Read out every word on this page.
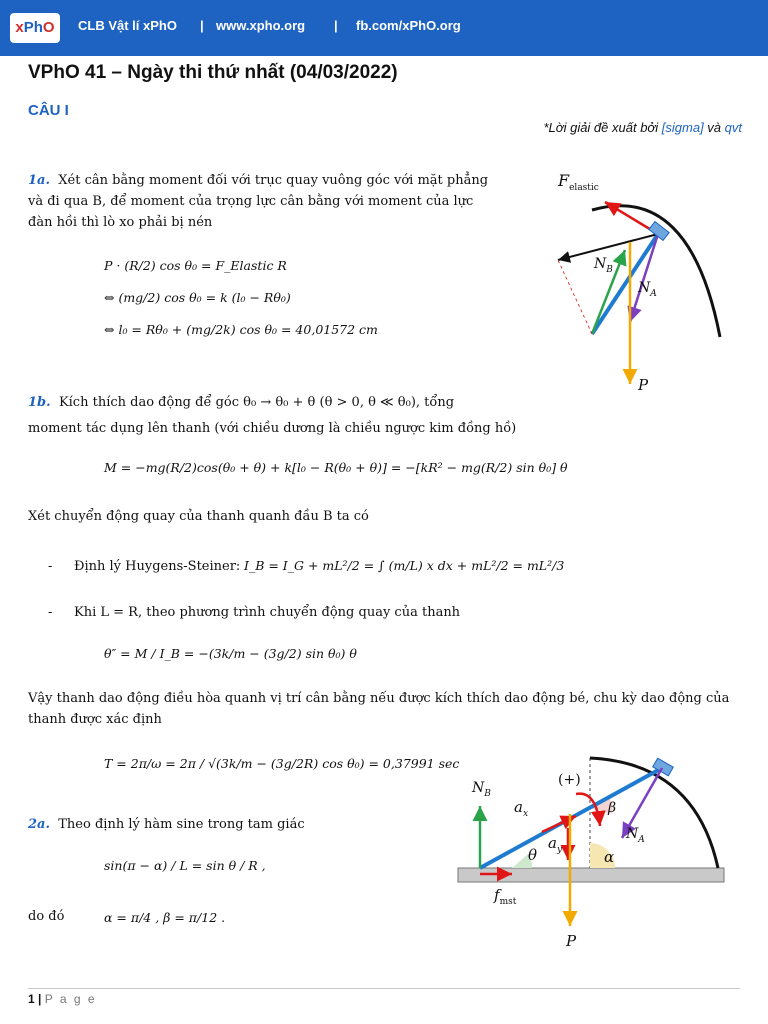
xPhO	CLB Vật lí xPhO | www.xpho.org | fb.com/xPhO.org
VPhO 41 – Ngày thi thứ nhất (04/03/2022)
CÂU I
*Lời giải đề xuất bởi [sigma] và qvt
1a. Xét cân bằng moment đối với trục quay vuông góc với mặt phẳng và đi qua B, để moment của trọng lực cân bằng với moment của lực đàn hồi thì lò xo phải bị nén
P · (R/2) cos θ₀ = F_Elastic R
⇔ (mg/2) cos θ₀ = k (l₀ − Rθ₀)
⇔ l₀ = Rθ₀ + (mg/2k) cos θ₀ = 40,01572 cm
$F_{elastic}$
$N_B$
$N_A$
P
1b. Kích thích dao động để góc θ₀ → θ₀ + θ (θ > 0, θ ≪ θ₀), tổng
moment tác dụng lên thanh (với chiều dương là chiều ngược kim đồng hồ)
M = −mg(R/2)cos(θ₀ + θ) + k[l₀ − R(θ₀ + θ)] = −[kR² − mg(R/2) sin θ₀] θ
Xét chuyển động quay của thanh quanh đầu B ta có
- Định lý Huygens-Steiner: I_B = I_G + mL²/2 = ∫ (m/L) x dx + mL²/2 = mL²/3
- Khi L = R, theo phương trình chuyển động quay của thanh
θ″ = M / I_B = −(3k/m − (3g/2) sin θ₀) θ
Vậy thanh dao động điều hòa quanh vị trí cân bằng nếu được kích thích dao động bé, chu kỳ dao động của thanh được xác định
T = 2π/ω = 2π / √(3k/m − (3g/2R) cos θ₀) = 0,37991 sec
2a. Theo định lý hàm sine trong tam giác
sin(π − α) / L = sin θ / R ,
do đó	α = π/4 , β = π/12 .
$N_B$
$a_x$
$a_y$
(+)
β
$N_A$
θ	α
$f_{mst}$
P
1 | P a g e
